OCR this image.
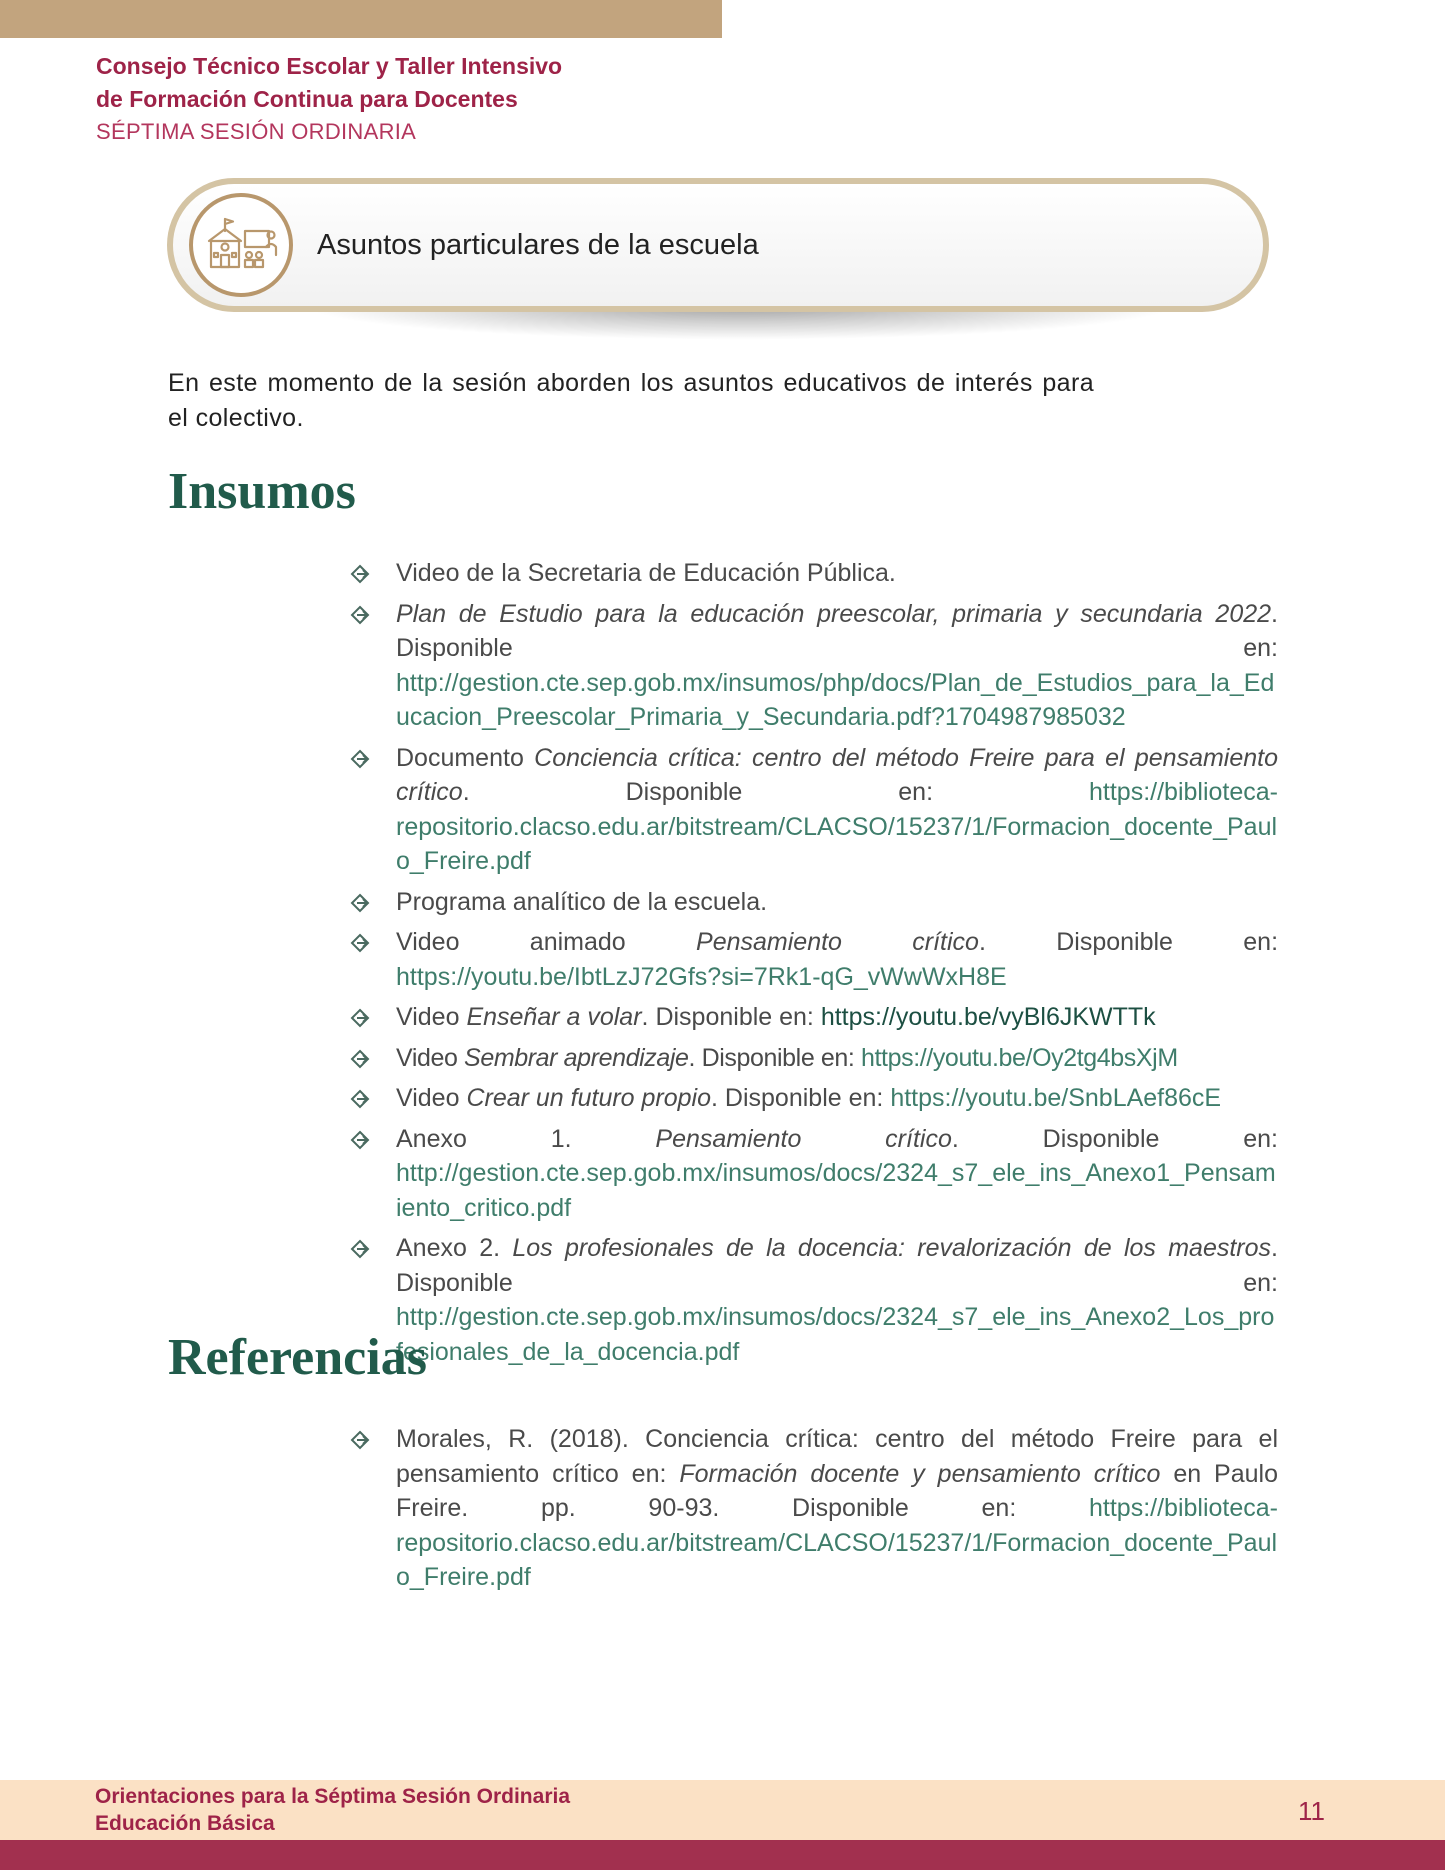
Consejo Técnico Escolar y Taller Intensivo
de Formación Continua para Docentes
SÉPTIMA SESIÓN ORDINARIA
Asuntos particulares de la escuela
En este momento de la sesión aborden los asuntos educativos de interés para el colectivo.
Insumos
Video de la Secretaria de Educación Pública.
Plan de Estudio para la educación preescolar, primaria y secundaria 2022. Disponible en: http://gestion.cte.sep.gob.mx/insumos/php/docs/Plan_de_Estudios_para_la_Educacion_Preescolar_Primaria_y_Secundaria.pdf?1704987985032
Documento Conciencia crítica: centro del método Freire para el pensamiento crítico. Disponible en: https://biblioteca-repositorio.clacso.edu.ar/bitstream/CLACSO/15237/1/Formacion_docente_Paulo_Freire.pdf
Programa analítico de la escuela.
Video animado Pensamiento crítico. Disponible en: https://youtu.be/IbtLzJ72Gfs?si=7Rk1-qG_vWwWxH8E
Video Enseñar a volar. Disponible en: https://youtu.be/vyBl6JKWTTk
Video Sembrar aprendizaje. Disponible en: https://youtu.be/Oy2tg4bsXjM
Video Crear un futuro propio. Disponible en: https://youtu.be/SnbLAef86cE
Anexo 1. Pensamiento crítico. Disponible en: http://gestion.cte.sep.gob.mx/insumos/docs/2324_s7_ele_ins_Anexo1_Pensamiento_critico.pdf
Anexo 2. Los profesionales de la docencia: revalorización de los maestros. Disponible en: http://gestion.cte.sep.gob.mx/insumos/docs/2324_s7_ele_ins_Anexo2_Los_profesionales_de_la_docencia.pdf
Referencias
Morales, R. (2018). Conciencia crítica: centro del método Freire para el pensamiento crítico en: Formación docente y pensamiento crítico en Paulo Freire. pp. 90-93. Disponible en: https://biblioteca-repositorio.clacso.edu.ar/bitstream/CLACSO/15237/1/Formacion_docente_Paulo_Freire.pdf
Orientaciones para la Séptima Sesión Ordinaria
Educación Básica	11
